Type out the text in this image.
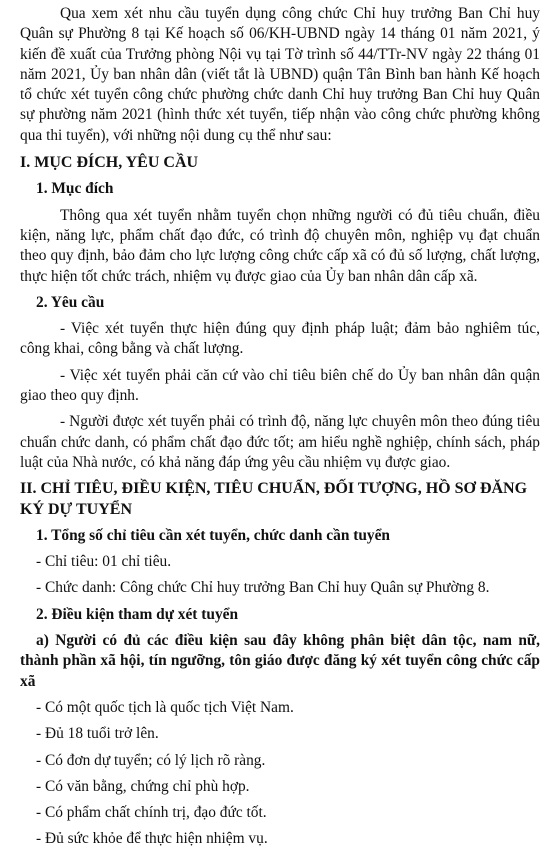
Qua xem xét nhu cầu tuyển dụng công chức Chỉ huy trưởng Ban Chỉ huy Quân sự Phường 8 tại Kế hoạch số 06/KH-UBND ngày 14 tháng 01 năm 2021, ý kiến đề xuất của Trưởng phòng Nội vụ tại Tờ trình số 44/TTr-NV ngày 22 tháng 01 năm 2021, Ủy ban nhân dân (viết tắt là UBND) quận Tân Bình ban hành Kế hoạch tổ chức xét tuyển công chức phường chức danh Chỉ huy trưởng Ban Chỉ huy Quân sự phường năm 2021 (hình thức xét tuyển, tiếp nhận vào công chức phường không qua thi tuyển), với những nội dung cụ thể như sau:

I. MỤC ĐÍCH, YÊU CẦU

1. Mục đích

Thông qua xét tuyển nhằm tuyển chọn những người có đủ tiêu chuẩn, điều kiện, năng lực, phẩm chất đạo đức, có trình độ chuyên môn, nghiệp vụ đạt chuẩn theo quy định, bảo đảm cho lực lượng công chức cấp xã có đủ số lượng, chất lượng, thực hiện tốt chức trách, nhiệm vụ được giao của Ủy ban nhân dân cấp xã.

2. Yêu cầu

- Việc xét tuyển thực hiện đúng quy định pháp luật; đảm bảo nghiêm túc, công khai, công bằng và chất lượng.

- Việc xét tuyển phải căn cứ vào chỉ tiêu biên chế do Ủy ban nhân dân quận giao theo quy định.

- Người được xét tuyển phải có trình độ, năng lực chuyên môn theo đúng tiêu chuẩn chức danh, có phẩm chất đạo đức tốt; am hiểu nghề nghiệp, chính sách, pháp luật của Nhà nước, có khả năng đáp ứng yêu cầu nhiệm vụ được giao.

II. CHỈ TIÊU, ĐIỀU KIỆN, TIÊU CHUẨN, ĐỐI TƯỢNG, HỒ SƠ ĐĂNG KÝ DỰ TUYỂN

1. Tổng số chỉ tiêu cần xét tuyển, chức danh cần tuyển

- Chỉ tiêu: 01 chỉ tiêu.

- Chức danh: Công chức Chỉ huy trưởng Ban Chỉ huy Quân sự Phường 8.

2. Điều kiện tham dự xét tuyển

a) Người có đủ các điều kiện sau đây không phân biệt dân tộc, nam nữ, thành phần xã hội, tín ngưỡng, tôn giáo được đăng ký xét tuyển công chức cấp xã

- Có một quốc tịch là quốc tịch Việt Nam.

- Đủ 18 tuổi trở lên.

- Có đơn dự tuyển; có lý lịch rõ ràng.

- Có văn bằng, chứng chỉ phù hợp.

- Có phẩm chất chính trị, đạo đức tốt.

- Đủ sức khỏe để thực hiện nhiệm vụ.
